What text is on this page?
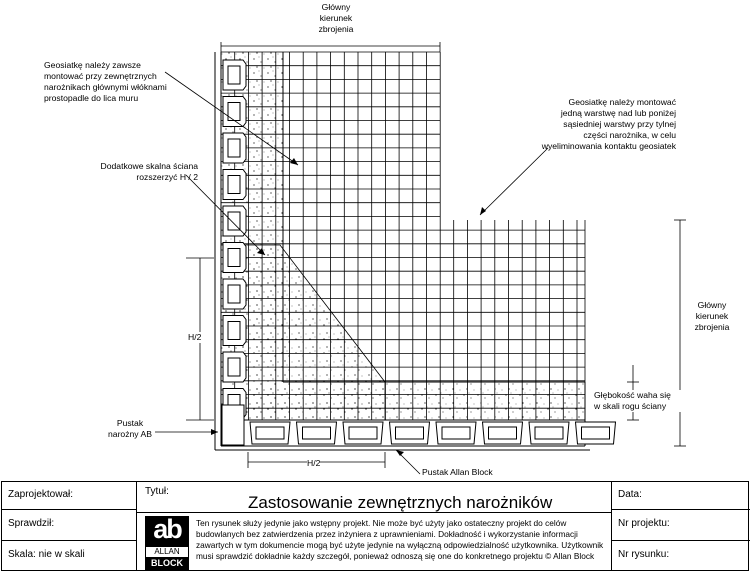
Główny
kierunek
zbrojenia
Geosiatkę należy zawsze
montować przy zewnętrznych
narożnikach głównymi włóknami
prostopadle do lica muru	Geosiatkę należy montować
jedną warstwę nad lub poniżej
sąsiedniej warstwy przy tylnej
części narożnika, w celu
wyeliminowania kontaktu geosiatek
Dodatkowe skalna ściana
rozszerzyć H / 2
Główny
kierunek
zbrojenia
H/2
Głębokość waha się
w skali rogu ściany
Pustak
narożny AB
H/2
Pustak Allan Block
Zaprojektował:
Sprawdził:
Skala: nie w skali
Tytuł:
Zastosowanie zewnętrznych narożników
ab
ALLAN
BLOCK
Ten rysunek służy jedynie jako wstępny projekt. Nie może być użyty jako ostateczny projekt do celów
budowlanych bez zatwierdzenia przez inżyniera z uprawnieniami. Dokładność i wykorzystanie informacji
zawartych w tym dokumencie mogą być użyte jedynie na wyłączną odpowiedzialność użytkownika. Użytkownik
musi sprawdzić dokładnie każdy szczegół, ponieważ odnoszą się one do konkretnego projektu © Allan Block
Data:
Nr projektu:
Nr rysunku:
